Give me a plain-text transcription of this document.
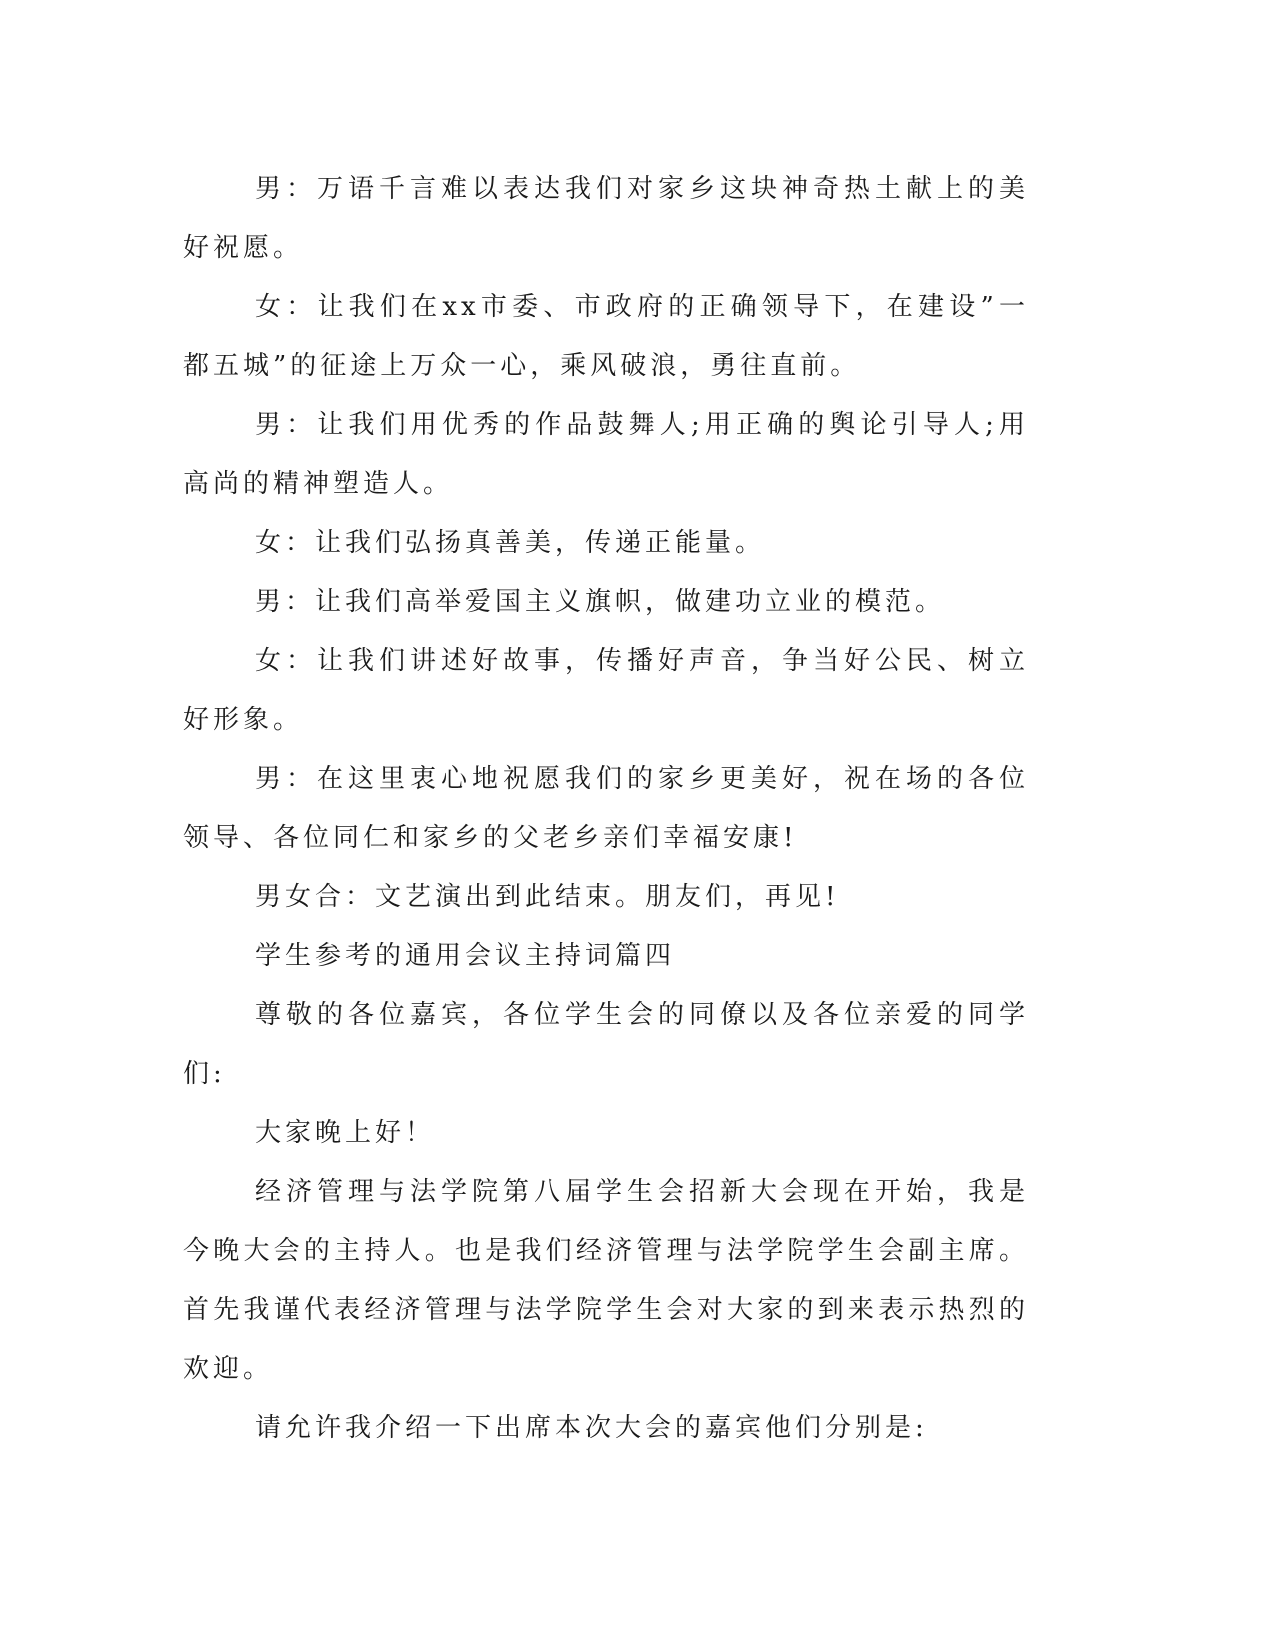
男：万语千言难以表达我们对家乡这块神奇热土献上的美好祝愿。

女：让我们在xx市委、市政府的正确领导下，在建设”一都五城”的征途上万众一心，乘风破浪，勇往直前。

男：让我们用优秀的作品鼓舞人;用正确的舆论引导人;用高尚的精神塑造人。

女：让我们弘扬真善美，传递正能量。

男：让我们高举爱国主义旗帜，做建功立业的模范。

女：让我们讲述好故事，传播好声音，争当好公民、树立好形象。

男：在这里衷心地祝愿我们的家乡更美好，祝在场的各位领导、各位同仁和家乡的父老乡亲们幸福安康!

男女合：文艺演出到此结束。朋友们，再见!

学生参考的通用会议主持词篇四

尊敬的各位嘉宾，各位学生会的同僚以及各位亲爱的同学们:

大家晚上好！

经济管理与法学院第八届学生会招新大会现在开始，我是今晚大会的主持人。也是我们经济管理与法学院学生会副主席。首先我谨代表经济管理与法学院学生会对大家的到来表示热烈的欢迎。

请允许我介绍一下出席本次大会的嘉宾他们分别是:
